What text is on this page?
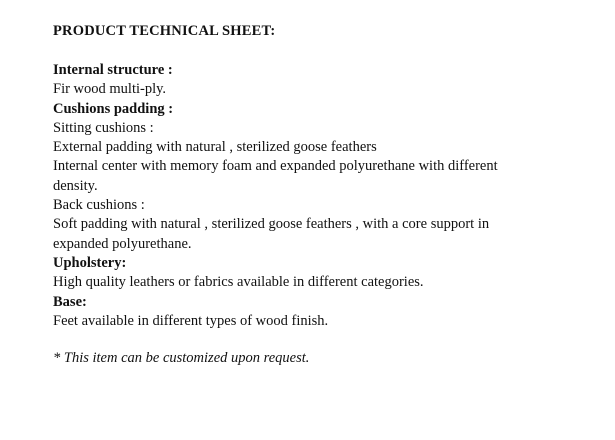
PRODUCT TECHNICAL SHEET:
Internal structure :
Fir wood multi-ply.
Cushions padding :
Sitting cushions :
External padding with natural , sterilized goose feathers
Internal center with memory foam and expanded polyurethane with different
density.
Back cushions :
Soft padding with natural , sterilized goose feathers , with a core support in
expanded polyurethane.
Upholstery:
High quality leathers or fabrics available in different categories.
Base:
Feet available in different types of wood finish.
* This item can be customized upon request.
